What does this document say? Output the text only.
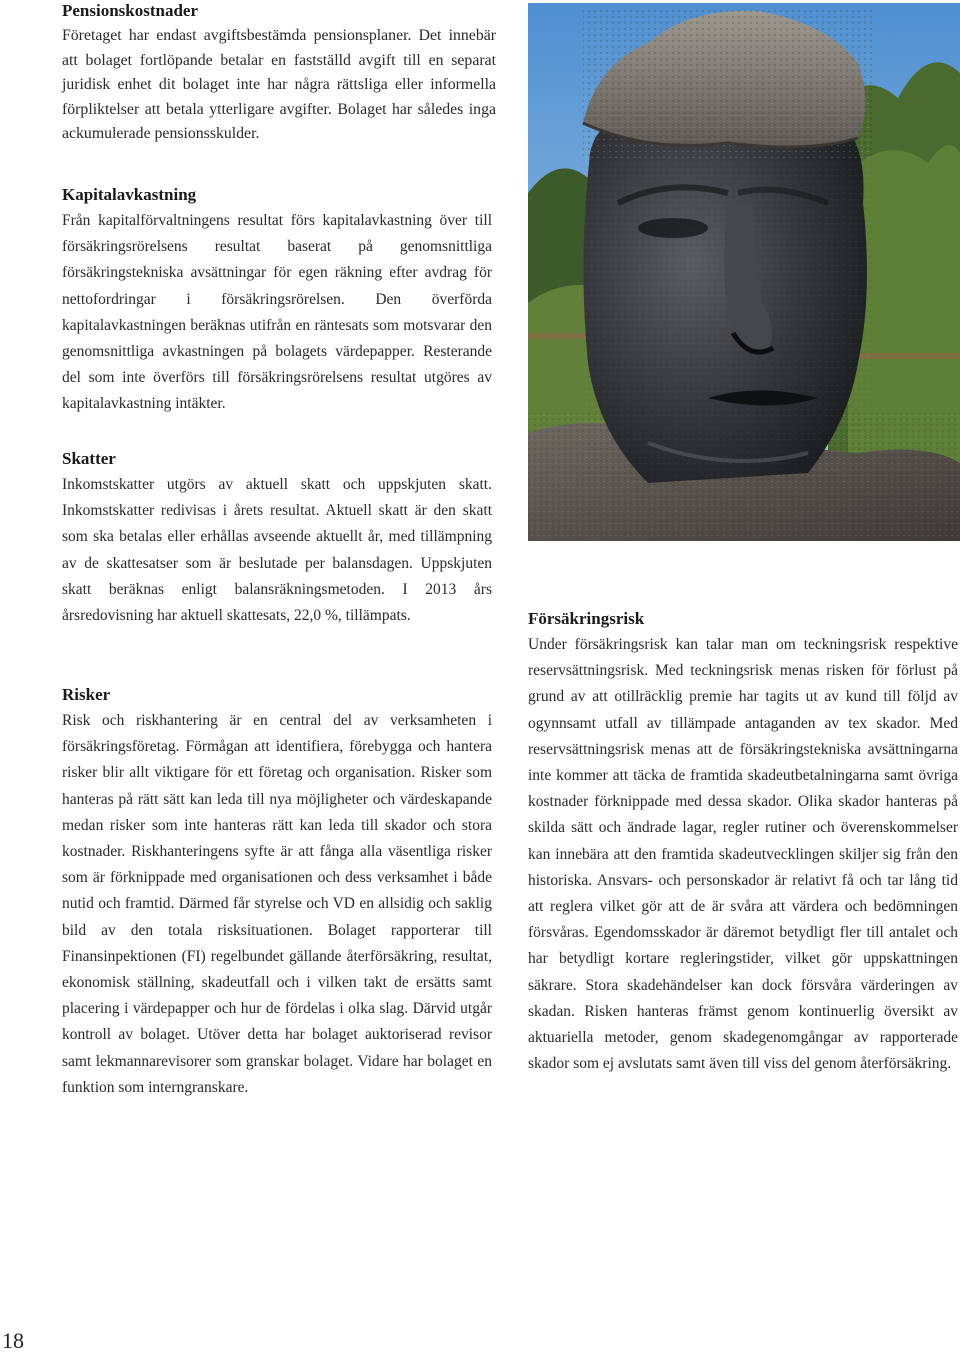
Pensionskostnader

Företaget har endast avgiftsbestämda pensionsplaner. Det innebär att bolaget fortlöpande betalar en fastställd avgift till en separat juridisk enhet dit bolaget inte har några rättsliga eller informella förpliktelser att betala ytterligare avgifter. Bolaget har således inga ackumulerade pensionsskulder.

Kapitalavkastning

Från kapitalförvaltningens resultat förs kapitalavkastning över till försäkringsrörelsens resultat baserat på genomsnittliga försäkringstekniska avsättningar för egen räkning efter avdrag för nettofordringar i försäkringsrörelsen. Den överförda kapitalavkastningen beräknas utifrån en räntesats som motsvarar den genomsnittliga avkastningen på bolagets värdepapper. Resterande del som inte överförs till försäkringsrörelsens resultat utgöres av kapitalavkastning intäkter.

Skatter

Inkomstskatter utgörs av aktuell skatt och uppskjuten skatt. Inkomstskatter redivisas i årets resultat. Aktuell skatt är den skatt som ska betalas eller erhållas avseende aktuellt år, med tillämpning av de skattesatser som är beslutade per balansdagen. Uppskjuten skatt beräknas enligt balansräkningsmetoden. I 2013 års årsredovisning har aktuell skattesats, 22,0 %, tillämpats.

Risker

Risk och riskhantering är en central del av verksamheten i försäkringsföretag. Förmågan att identifiera, förebygga och hantera risker blir allt viktigare för ett företag och organisation. Risker som hanteras på rätt sätt kan leda till nya möjligheter och värdeskapande medan risker som inte hanteras rätt kan leda till skador och stora kostnader. Riskhanteringens syfte är att fånga alla väsentliga risker som är förknippade med organisationen och dess verksamhet i både nutid och framtid. Därmed får styrelse och VD en allsidig och saklig bild av den totala risksituationen. Bolaget rapporterar till Finansinpektionen (FI) regelbundet gällande återförsäkring, resultat, ekonomisk ställning, skadeutfall och i vilken takt de ersätts samt placering i värdepapper och hur de fördelas i olka slag. Därvid utgår kontroll av bolaget. Utöver detta har bolaget auktoriserad revisor samt lekmannarevisorer som granskar bolaget. Vidare har bolaget en funktion som interngranskare.

Försäkringsrisk

Under försäkringsrisk kan talar man om teckningsrisk respektive reservsättningsrisk. Med teckningsrisk menas risken för förlust på grund av att otillräcklig premie har tagits ut av kund till följd av ogynnsamt utfall av tillämpade antaganden av tex skador. Med reservsättningsrisk menas att de försäkringstekniska avsättningarna inte kommer att täcka de framtida skadeutbetalningarna samt övriga kostnader förknippade med dessa skador. Olika skador hanteras på skilda sätt och ändrade lagar, regler rutiner och överenskommelser kan innebära att den framtida skadeutvecklingen skiljer sig från den historiska. Ansvars- och personskador är relativt få och tar lång tid att reglera vilket gör att de är svåra att värdera och bedömningen försvåras. Egendomsskador är däremot betydligt fler till antalet och har betydligt kortare regleringstider, vilket gör uppskattningen säkrare. Stora skadehändelser kan dock försvåra värderingen av skadan. Risken hanteras främst genom kontinuerlig översikt av aktuariella metoder, genom skadegenomgångar av rapporterade skador som ej avslutats samt även till viss del genom återförsäkring.

18
